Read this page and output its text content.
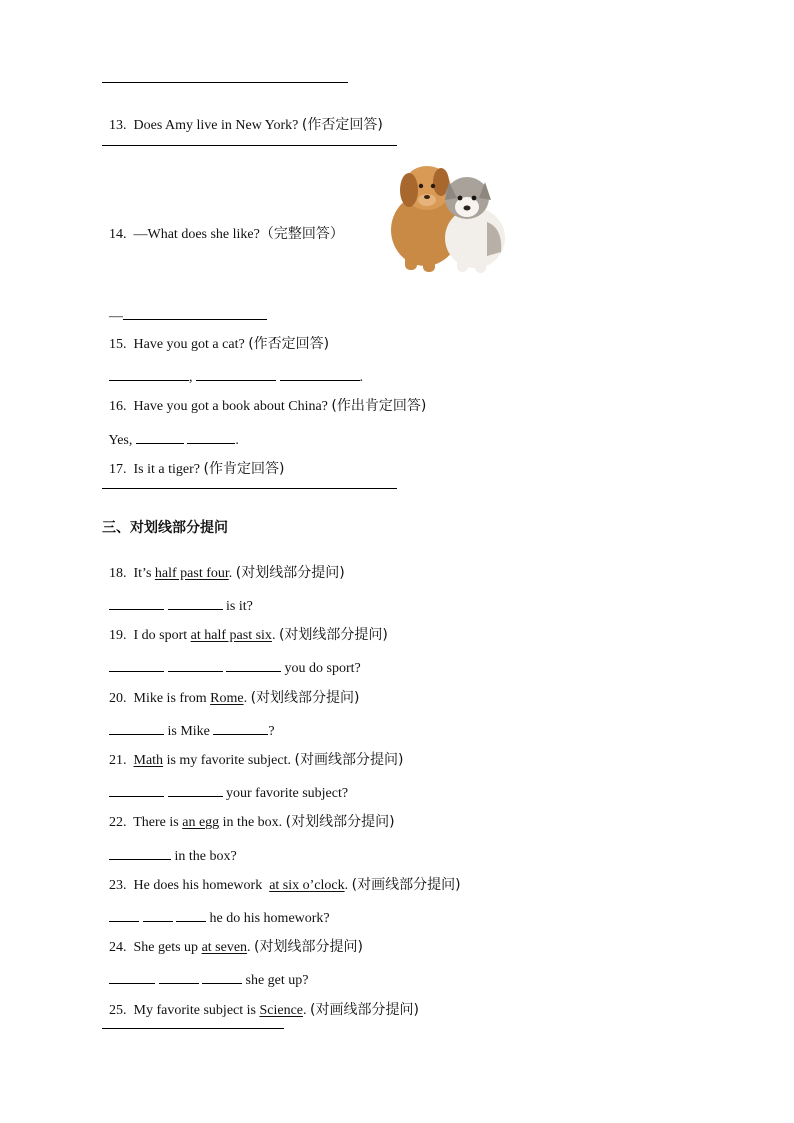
13. Does Amy live in New York? (作否定回答)

14. —What does she like?（完整回答）

—

15. Have you got a cat? (作否定回答)

,	.

16. Have you got a book about China? (作出肯定回答)

Yes,	.

17. Is it a tiger? (作肯定回答)

三、对划线部分提问

18. It’s half past four. (对划线部分提问)

is it?

19. I do sport at half past six. (对划线部分提问)

you do sport?

20. Mike is from Rome. (对划线部分提问)

is Mike	?

21. Math is my favorite subject. (对画线部分提问)

your favorite subject?

22. There is an egg in the box. (对划线部分提问)

in the box?

23. He does his homework at six o’clock. (对画线部分提问)

he do his homework?

24. She gets up at seven. (对划线部分提问)

she get up?

25. My favorite subject is Science. (对画线部分提问)
